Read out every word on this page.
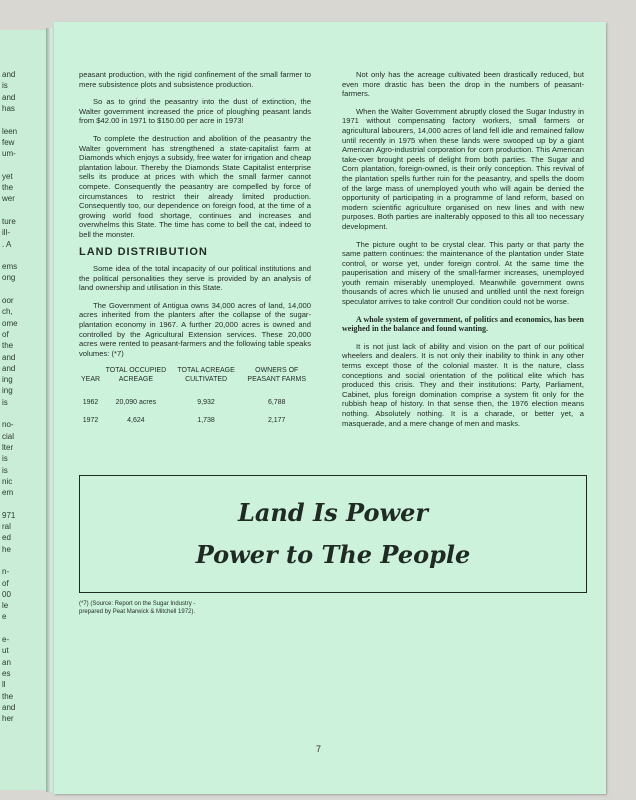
and
is
and
has
leen
few
um-
yet
the
wer
ture
ill-
. A
ems
ong
oor
ch,
ome
of
the
and
and
ing
ing
is
no-
cial
lter
is
is
nic
em
971
ral
ed
he
n-
of
00
le
e
e-
ut
an
es
ll
the
and
her

peasant production, with the rigid confinement of the small farmer to mere subsistence plots and subsistence production.

So as to grind the peasantry into the dust of extinction, the Walter government increased the price of ploughing peasant lands from $42.00 in 1971 to $150.00 per acre in 1973!

To complete the destruction and abolition of the peasantry the Walter government has strengthened a state-capitalist farm at Diamonds which enjoys a subsidy, free water for irrigation and cheap plantation labour. Thereby the Diamonds State Capitalist enterprise sells its produce at prices with which the small farmer cannot compete. Consequently the peasantry are compelled by force of circumstances to restrict their already limited production. Consequently too, our dependence on foreign food, at the time of a growing world food shortage, continues and increases and overwhelms this State. The time has come to bell the cat, indeed to bell the monster.

LAND DISTRIBUTION

Some idea of the total incapacity of our political institutions and the political personalities they serve is provided by an analysis of land ownership and utilisation in this State.

The Government of Antigua owns 34,000 acres of land, 14,000 acres inherited from the planters after the collapse of the sugar-plantation economy in 1967. A further 20,000 acres is owned and controlled by the Agricultural Extension services. These 20,000 acres were rented to peasant-farmers and the following table speaks volumes: (*7)

YEAR	TOTAL OCCUPIED ACREAGE	TOTAL ACREAGE CULTIVATED	OWNERS OF PEASANT FARMS
1962	20,090 acres	9,932	6,788
1972	4,624	1,738	2,177

Not only has the acreage cultivated been drastically reduced, but even more drastic has been the drop in the numbers of peasant-farmers.

When the Walter Government abruptly closed the Sugar Industry in 1971 without compensating factory workers, small farmers or agricultural labourers, 14,000 acres of land fell idle and remained fallow until recently in 1975 when these lands were swooped up by a giant American Agro-industrial corporation for corn production. This American take-over brought peels of delight from both parties. The Sugar and Corn plantation, foreign-owned, is their only conception. This revival of the plantation spells further ruin for the peasantry, and spells the doom of the large mass of unemployed youth who will again be denied the opportunity of participating in a programme of land reform, based on modern scientific agriculture organised on new lines and with new purposes. Both parties are inalterably opposed to this all too necessary development.

The picture ought to be crystal clear. This party or that party the same pattern continues: the maintenance of the plantation under State control, or worse yet, under foreign control. At the same time the pauperisation and misery of the small-farmer increases, unemployed youth remain miserably unemployed. Meanwhile government owns thousands of acres which lie unused and untilled until the next foreign speculator arrives to take control! Our condition could not be worse.

A whole system of government, of politics and economics, has been weighed in the balance and found wanting.

It is not just lack of ability and vision on the part of our political wheelers and dealers. It is not only their inability to think in any other terms except those of the colonial master. It is the nature, class conceptions and social orientation of the political elite which has produced this crisis. They and their institutions: Party, Parliament, Cabinet, plus foreign domination comprise a system fit only for the rubbish heap of history. In that sense then, the 1976 election means nothing. Absolutely nothing. It is a charade, or better yet, a masquerade, and a mere change of men and masks.

Land Is Power
Power to The People
(*7) (Source: Report on the Sugar Industry -
prepared by Peat Marwick & Mitchell 1972).
7
